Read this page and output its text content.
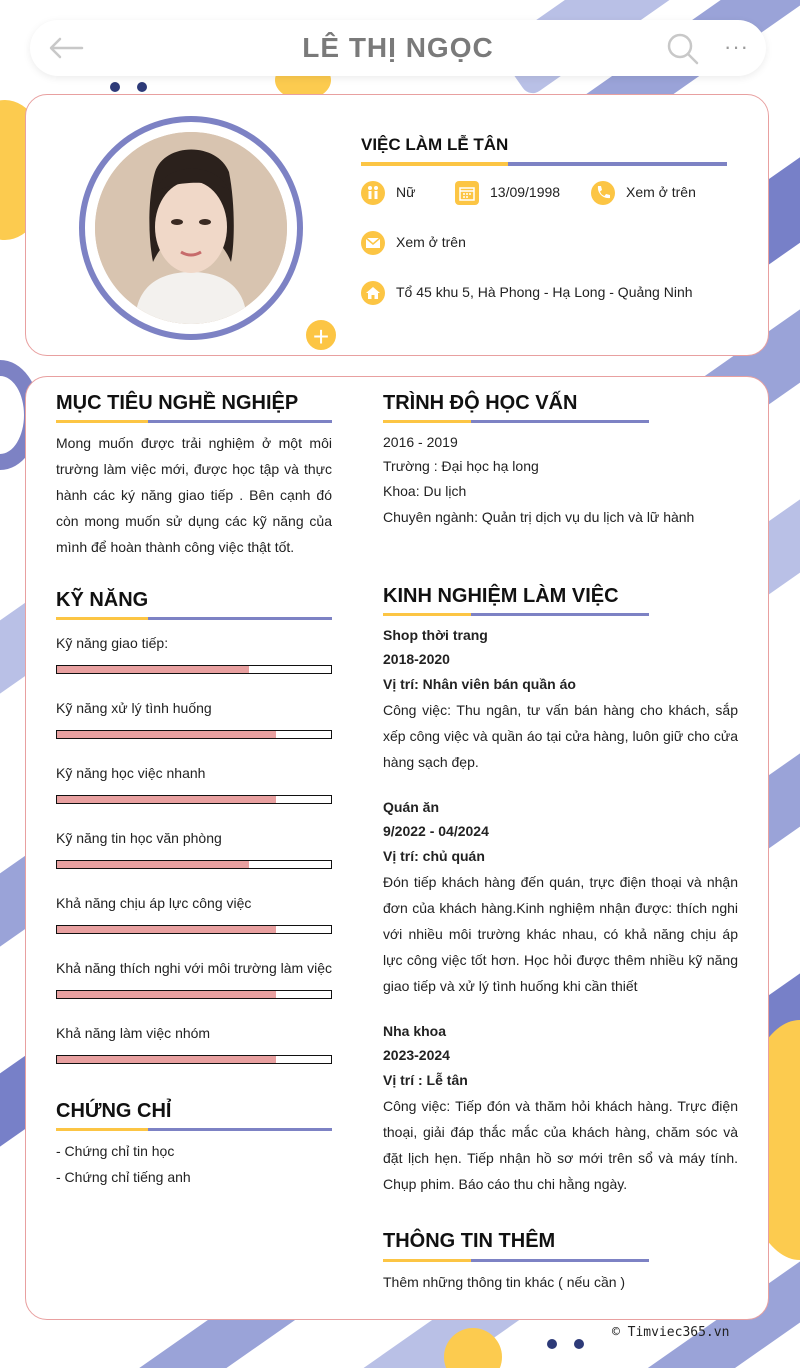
LÊ THỊ NGỌC	···
+
VIỆC LÀM LỄ TÂN
Nữ	13/09/1998	Xem ở trên
Xem ở trên
Tổ 45 khu 5, Hà Phong - Hạ Long - Quảng Ninh
MỤC TIÊU NGHỀ NGHIỆP
Mong muốn được trải nghiệm ở một môi trường làm việc mới, được học tập và thực hành các ký năng giao tiếp . Bên cạnh đó còn mong muốn sử dụng các kỹ năng của mình để hoàn thành công việc thật tốt.
KỸ NĂNG
Kỹ năng giao tiếp:
Kỹ năng xử lý tình huống
Kỹ năng học việc nhanh
Kỹ năng tin học văn phòng
Khả năng chịu áp lực công việc
Khả năng thích nghi với môi trường làm việc
Khả năng làm việc nhóm
CHỨNG CHỈ
- Chứng chỉ tin học
- Chứng chỉ tiếng anh
TRÌNH ĐỘ HỌC VẤN
2016 - 2019
Trường : Đại học hạ long
Khoa: Du lịch
Chuyên ngành: Quản trị dịch vụ du lịch và lữ hành
KINH NGHIỆM LÀM VIỆC
Shop thời trang
2018-2020
Vị trí: Nhân viên bán quần áo
Công việc: Thu ngân, tư vấn bán hàng cho khách, sắp xếp công việc và quần áo tại cửa hàng, luôn giữ cho cửa hàng sạch đẹp.
Quán ăn
9/2022 - 04/2024
Vị trí: chủ quán
Đón tiếp khách hàng đến quán, trực điện thoại và nhận đơn của khách hàng.Kinh nghiệm nhận được: thích nghi với nhiều môi trường khác nhau, có khả năng chịu áp lực công việc tốt hơn. Học hỏi được thêm nhiều kỹ năng giao tiếp và xử lý tình huống khi cần thiết
Nha khoa
2023-2024
Vị trí : Lễ tân
Công việc: Tiếp đón và thăm hỏi khách hàng. Trực điện thoại, giải đáp thắc mắc của khách hàng, chăm sóc và đặt lịch hẹn. Tiếp nhận hồ sơ mới trên sổ và máy tính. Chụp phim. Báo cáo thu chi hằng ngày.
THÔNG TIN THÊM
Thêm những thông tin khác ( nếu cần )
© Timviec365.vn
